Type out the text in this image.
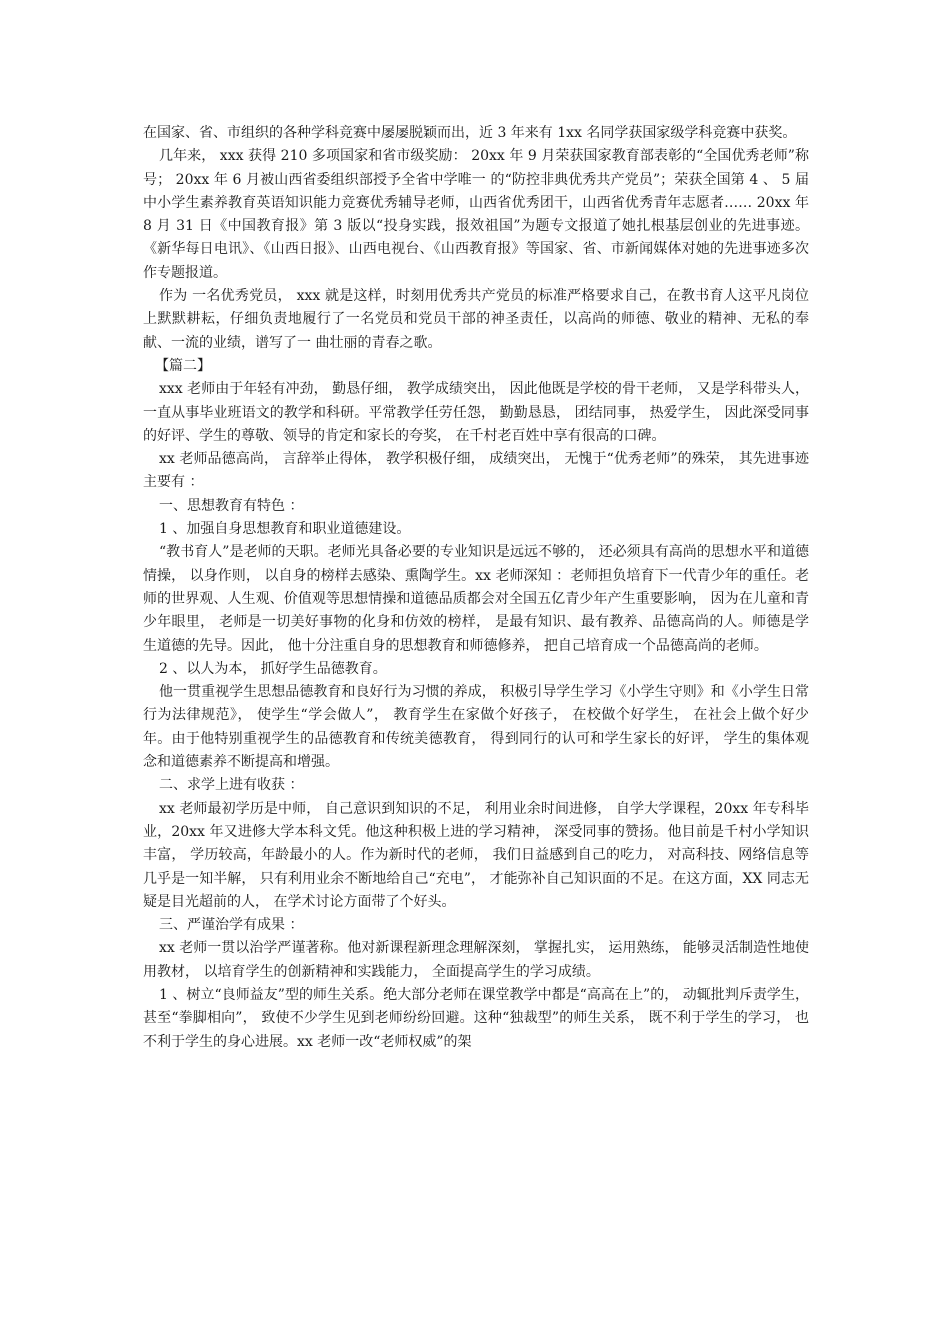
在国家、省、市组织的各种学科竞赛中屡屡脱颖而出，近 3 年来有 1xx 名同学获国家级学科竞赛中获奖。

几年来， xxx 获得 210 多项国家和省市级奖励： 20xx 年 9 月荣获国家教育部表彰的“全国优秀老师”称号； 20xx 年 6 月被山西省委组织部授予全省中学唯一 的“防控非典优秀共产党员”；荣获全国第 4 、 5 届中小学生素养教育英语知识能力竞赛优秀辅导老师，山西省优秀团干，山西省优秀青年志愿者…… 20xx 年 8 月 31 日《中国教育报》第 3 版以“投身实践，报效祖国”为题专文报道了她扎根基层创业的先进事迹。《新华每日电讯》、《山西日报》、山西电视台、《山西教育报》等国家、省、市新闻媒体对她的先进事迹多次作专题报道。

作为 一名优秀党员， xxx 就是这样，时刻用优秀共产党员的标准严格要求自己，在教书育人这平凡岗位上默默耕耘，仔细负责地履行了一名党员和党员干部的神圣责任，以高尚的师德、敬业的精神、无私的奉献、一流的业绩，谱写了一 曲壮丽的青春之歌。

【篇二】

xxx 老师由于年轻有冲劲， 勤恳仔细， 教学成绩突出， 因此他既是学校的骨干老师， 又是学科带头人， 一直从事毕业班语文的教学和科研。平常教学任劳任怨， 勤勤恳恳， 团结同事， 热爱学生， 因此深受同事的好评、学生的尊敬、领导的肯定和家长的夸奖， 在千村老百姓中享有很高的口碑。

xx 老师品德高尚， 言辞举止得体， 教学积极仔细， 成绩突出， 无愧于“优秀老师”的殊荣， 其先进事迹主要有 ：

一、思想教育有特色 ：

1 、加强自身思想教育和职业道德建设。

“教书育人”是老师的天职。老师光具备必要的专业知识是远远不够的， 还必须具有高尚的思想水平和道德情操， 以身作则， 以自身的榜样去感染、熏陶学生。xx 老师深知 ：老师担负培育下一代青少年的重任。老师的世界观、人生观、价值观等思想情操和道德品质都会对全国五亿青少年产生重要影响， 因为在儿童和青少年眼里， 老师是一切美好事物的化身和仿效的榜样， 是最有知识、最有教养、品德高尚的人。师德是学生道德的先导。因此， 他十分注重自身的思想教育和师德修养， 把自己培育成一个品德高尚的老师。

2 、以人为本， 抓好学生品德教育。

他一贯重视学生思想品德教育和良好行为习惯的养成， 积极引导学生学习《小学生守则》和《小学生日常行为法律规范》， 使学生“学会做人”， 教育学生在家做个好孩子， 在校做个好学生， 在社会上做个好少年。由于他特别重视学生的品德教育和传统美德教育， 得到同行的认可和学生家长的好评， 学生的集体观念和道德素养不断提高和增强。

二、求学上进有收获 ：

xx 老师最初学历是中师， 自己意识到知识的不足， 利用业余时间进修， 自学大学课程，20xx 年专科毕业，20xx 年又进修大学本科文凭。他这种积极上进的学习精神， 深受同事的赞扬。他目前是千村小学知识丰富， 学历较高，年龄最小的人。作为新时代的老师， 我们日益感到自己的吃力， 对高科技、网络信息等几乎是一知半解， 只有利用业余不断地给自己“充电”， 才能弥补自己知识面的不足。在这方面，XX 同志无疑是目光超前的人， 在学术讨论方面带了个好头。

三、严谨治学有成果 ：

xx 老师一贯以治学严谨著称。他对新课程新理念理解深刻， 掌握扎实， 运用熟练， 能够灵活制造性地使用教材， 以培育学生的创新精神和实践能力， 全面提高学生的学习成绩。

1 、树立“良师益友”型的师生关系。绝大部分老师在课堂教学中都是“高高在上”的， 动辄批判斥责学生， 甚至“拳脚相向”， 致使不少学生见到老师纷纷回避。这种“独裁型”的师生关系， 既不利于学生的学习， 也不利于学生的身心进展。xx 老师一改“老师权威”的架
